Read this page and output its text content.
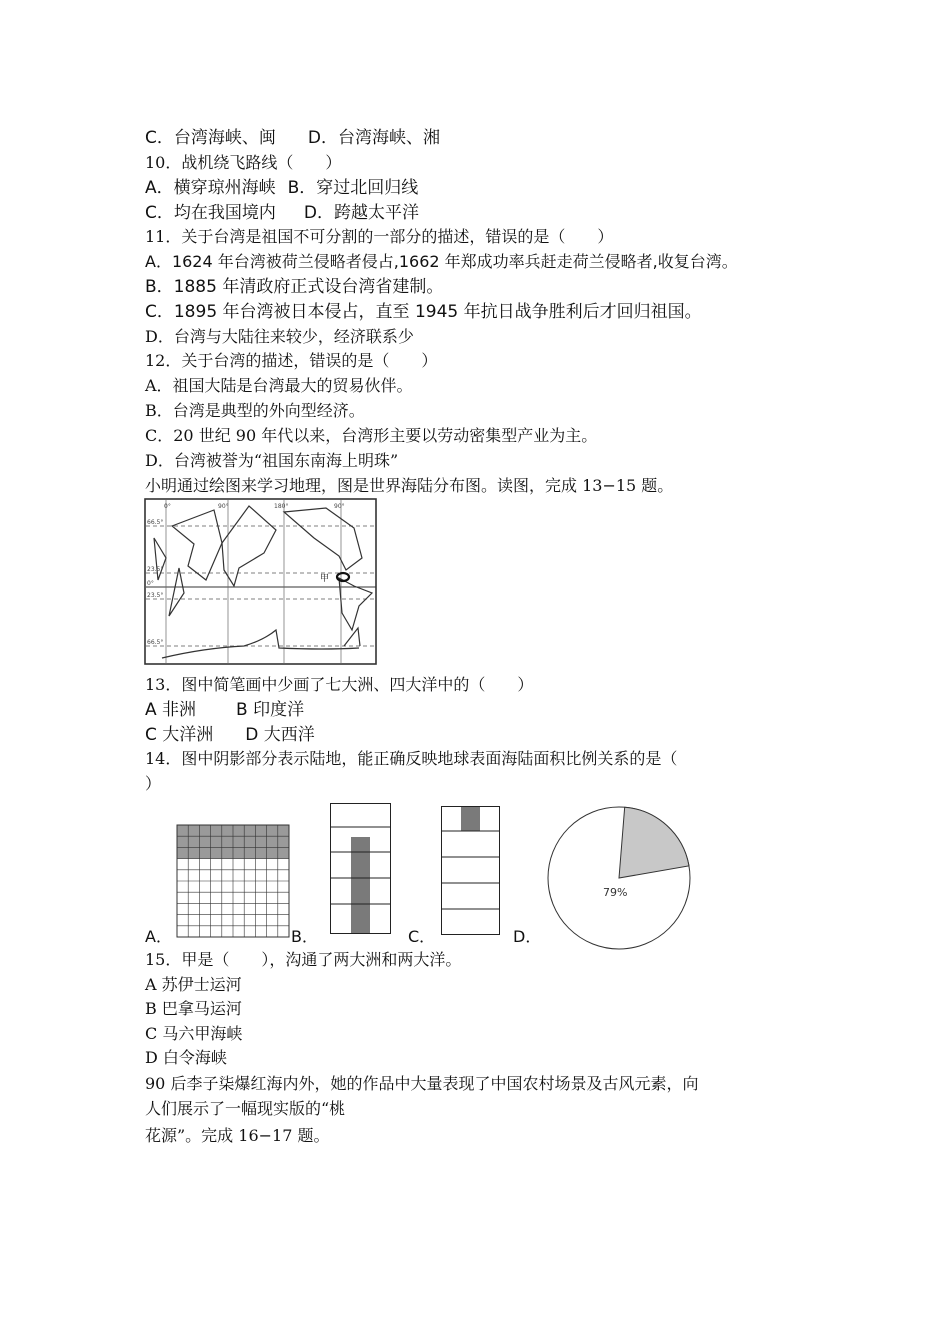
C．台湾海峡、闽 D．台湾海峡、湘
10．战机绕飞路线（　　）
A．横穿琼州海峡 B．穿过北回归线
C．均在我国境内 D．跨越太平洋
11．关于台湾是祖国不可分割的一部分的描述，错误的是（　　）
A．1624 年台湾被荷兰侵略者侵占,1662 年郑成功率兵赶走荷兰侵略者,收复台湾。
B．1885 年清政府正式设台湾省建制。
C．1895 年台湾被日本侵占，直至 1945 年抗日战争胜利后才回归祖国。
D．台湾与大陆往来较少，经济联系少
12．关于台湾的描述，错误的是（　　）
A．祖国大陆是台湾最大的贸易伙伴。
B．台湾是典型的外向型经济。
C．20 世纪 90 年代以来，台湾形主要以劳动密集型产业为主。
D．台湾被誉为“祖国东南海上明珠”
小明通过绘图来学习地理，图是世界海陆分布图。读图，完成 13−15 题。
甲
0°	90°	180°	90°
66.5°
23.5°
0°
23.5°
66.5°
13．图中简笔画中少画了七大洲、四大洋中的（　　）
A 非洲 B 印度洋
C 大洋洲 D 大西洋
14．图中阴影部分表示陆地，能正确反映地球表面海陆面积比例关系的是（
）
79%
A．	B．	C．	D．
15．甲是（　　），沟通了两大洲和两大洋。
A 苏伊士运河
B 巴拿马运河
C 马六甲海峡
D 白令海峡
90 后李子柒爆红海内外，她的作品中大量表现了中国农村场景及古风元素，向
人们展示了一幅现实版的“桃
花源”。完成 16−17 题。
